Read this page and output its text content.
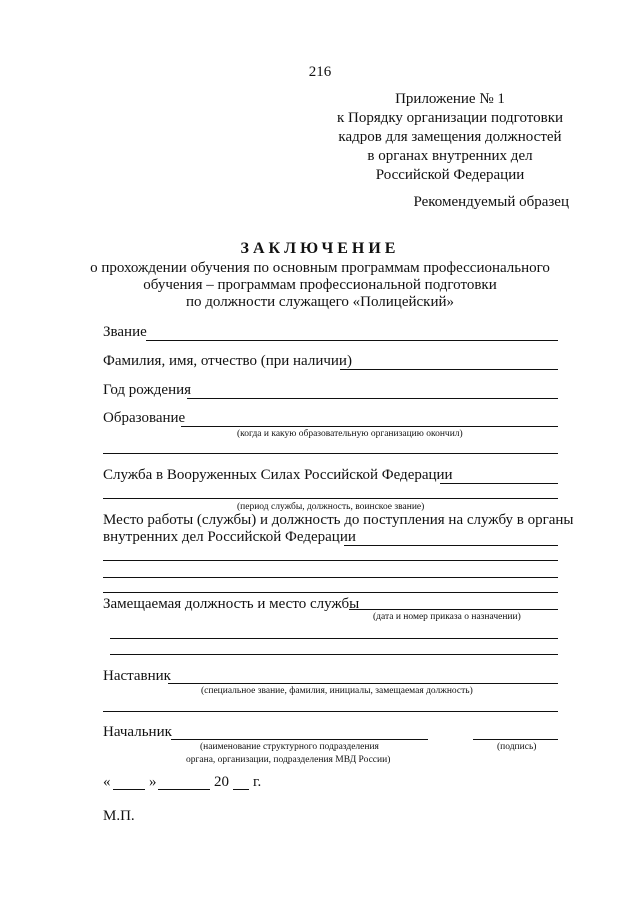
216
Приложение № 1
к Порядку организации подготовки
кадров для замещения должностей
в органах внутренних дел
Российской Федерации
Рекомендуемый образец
ЗАКЛЮЧЕНИЕ
о прохождении обучения по основным программам профессионального
обучения – программам профессиональной подготовки
по должности служащего «Полицейский»
Звание
Фамилия, имя, отчество (при наличии)
Год рождения
Образование
(когда и какую образовательную организацию окончил)
Служба в Вооруженных Силах Российской Федерации
(период службы, должность, воинское звание)
Место работы (службы) и должность до поступления на службу в органы
внутренних дел Российской Федерации
Замещаемая должность и место службы
(дата и номер приказа о назначении)
Наставник
(специальное звание, фамилия, инициалы, замещаемая должность)
Начальник
(наименование структурного подразделения
органа, организации, подразделения МВД России)
(подпись)
«	»	20 г.
М.П.
